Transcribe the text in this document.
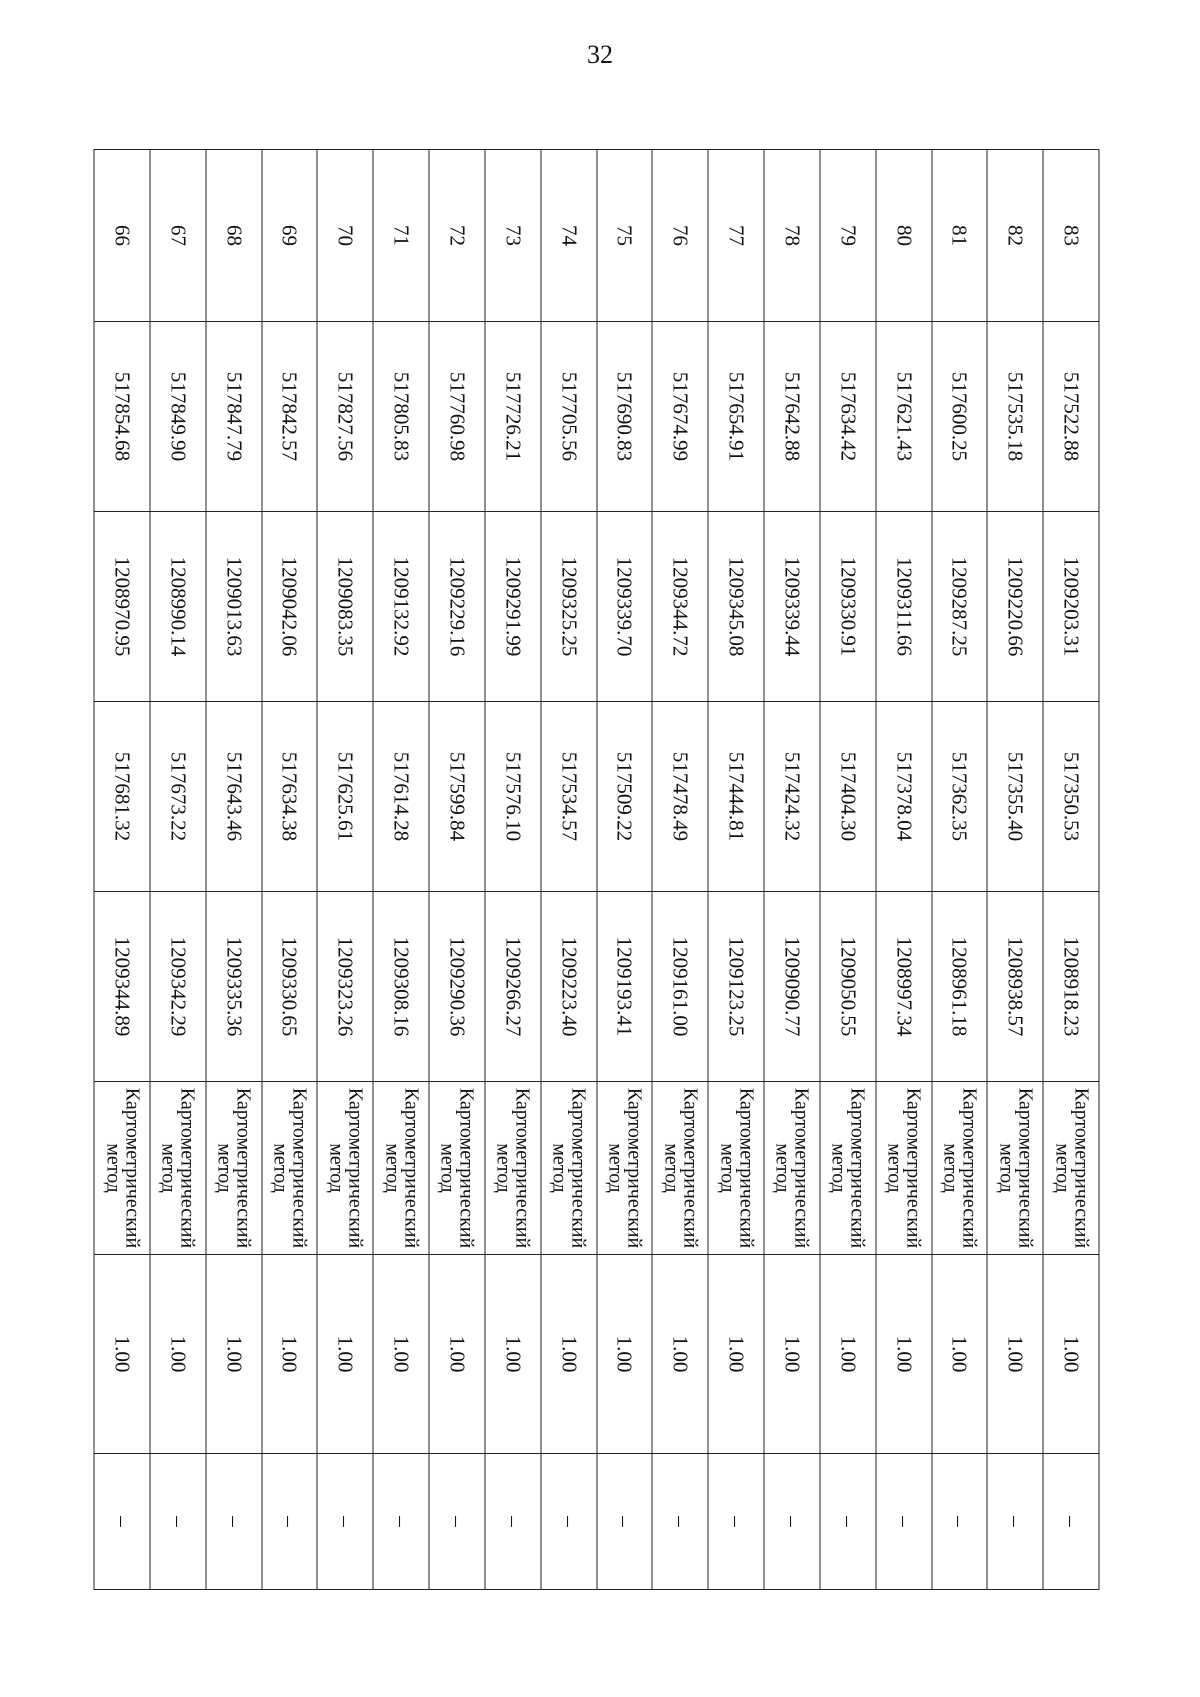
32
83	517522.88	1209203.31	517350.53	1208918.23	Картометрический метод	1.00	–
82	517535.18	1209220.66	517355.40	1208938.57	Картометрический метод	1.00	–
81	517600.25	1209287.25	517362.35	1208961.18	Картометрический метод	1.00	–
80	517621.43	1209311.66	517378.04	1208997.34	Картометрический метод	1.00	–
79	517634.42	1209330.91	517404.30	1209050.55	Картометрический метод	1.00	–
78	517642.88	1209339.44	517424.32	1209090.77	Картометрический метод	1.00	–
77	517654.91	1209345.08	517444.81	1209123.25	Картометрический метод	1.00	–
76	517674.99	1209344.72	517478.49	1209161.00	Картометрический метод	1.00	–
75	517690.83	1209339.70	517509.22	1209193.41	Картометрический метод	1.00	–
74	517705.56	1209325.25	517534.57	1209223.40	Картометрический метод	1.00	–
73	517726.21	1209291.99	517576.10	1209266.27	Картометрический метод	1.00	–
72	517760.98	1209229.16	517599.84	1209290.36	Картометрический метод	1.00	–
71	517805.83	1209132.92	517614.28	1209308.16	Картометрический метод	1.00	–
70	517827.56	1209083.35	517625.61	1209323.26	Картометрический метод	1.00	–
69	517842.57	1209042.06	517634.38	1209330.65	Картометрический метод	1.00	–
68	517847.79	1209013.63	517643.46	1209335.36	Картометрический метод	1.00	–
67	517849.90	1208990.14	517673.22	1209342.29	Картометрический метод	1.00	–
66	517854.68	1208970.95	517681.32	1209344.89	Картометрический метод	1.00	–
